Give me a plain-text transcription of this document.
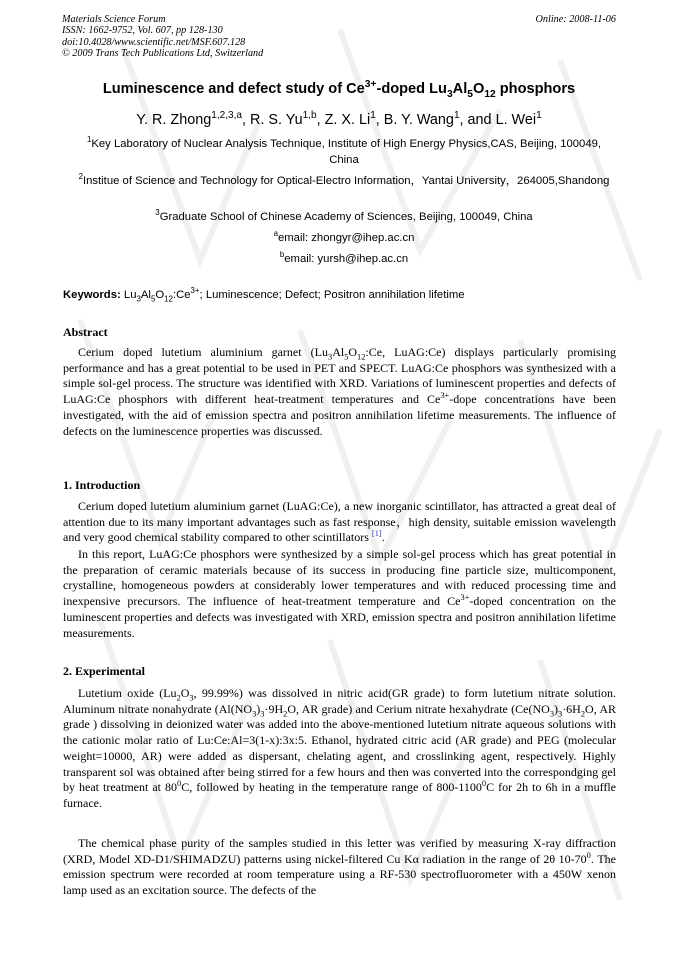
Materials Science Forum
ISSN: 1662-9752, Vol. 607, pp 128-130
doi:10.4028/www.scientific.net/MSF.607.128
© 2009 Trans Tech Publications Ltd, Switzerland
Online: 2008-11-06
Luminescence and defect study of $Ce^{3+}$-doped $Lu_3Al_5O_{12}$ phosphors
Y. R. Zhong$^{1,2,3,a}$, R. S. Yu$^{1,b}$, Z. X. Li$^1$, B. Y. Wang$^1$, and L. Wei$^1$
$^1$Key Laboratory of Nuclear Analysis Technique, Institute of High Energy Physics,CAS, Beijing, 100049, China
$^2$Institue of Science and Technology for Optical-Electro Information，Yantai University，264005,Shandong
$^3$Graduate School of Chinese Academy of Sciences, Beijing, 100049, China
$^a$email: zhongyr@ihep.ac.cn
$^b$email: yursh@ihep.ac.cn
Keywords: $Lu_3Al_5O_{12}:Ce^{3+}$; Luminescence; Defect; Positron annihilation lifetime
Abstract
Cerium doped lutetium aluminium garnet ($Lu_3Al_5O_{12}:Ce$, LuAG:Ce) displays particularly promising performance and has a great potential to be used in PET and SPECT. LuAG:Ce phosphors was synthesized with a simple sol-gel process. The structure was identified with XRD. Variations of luminescent properties and defects of LuAG:Ce phosphors with different heat-treatment temperatures and $Ce^{3+}$-dope concentrations have been investigated, with the aid of emission spectra and positron annihilation lifetime measurements. The influence of defects on the luminescence properties was discussed.
1. Introduction
Cerium doped lutetium aluminium garnet (LuAG:Ce), a new inorganic scintillator, has attracted a great deal of attention due to its many important advantages such as fast response，high density, suitable emission wavelength and very good chemical stability compared to other scintillators [1].
In this report, LuAG:Ce phosphors were synthesized by a simple sol-gel process which has great potential in the preparation of ceramic materials because of its success in producing fine particle size, multicomponent, crystalline, homogeneous powders at considerably lower temperatures and with reduced processing time and inexpensive precursors. The influence of heat-treatment temperature and $Ce^{3+}$-doped concentration on the luminescent properties and defects was investigated with XRD, emission spectra and positron annihilation lifetime measurements.
2. Experimental
Lutetium oxide ($Lu_2O_3$, 99.99%) was dissolved in nitric acid(GR grade) to form lutetium nitrate solution. Aluminum nitrate nonahydrate ($Al(NO_3)_3\cdot 9H_2O$, AR grade) and Cerium nitrate hexahydrate ($Ce(NO_3)_3\cdot 6H_2O$, AR grade ) dissolving in deionized water was added into the above-mentioned lutetium nitrate aqueous solutions with the cationic molar ratio of Lu:Ce:Al=3(1-x):3x:5. Ethanol, hydrated citric acid (AR grade) and PEG (molecular weight=10000, AR) were added as dispersant, chelating agent, and crosslinking agent, respectively. Highly transparent sol was obtained after being stirred for a few hours and then was converted into the correspondging gel by heat treatment at $80^0C$, followed by heating in the temperature range of 800-1100$^0$C for 2h to 6h in a muffle furnace.
The chemical phase purity of the samples studied in this letter was verified by measuring X-ray diffraction (XRD, Model XD-D1/SHIMADZU) patterns using nickel-filtered Cu Kα radiation in the range of 2θ $10-70^0$. The emission spectrum were recorded at room temperature using a RF-530 spectrofluorometer with a 450W xenon lamp used as an excitation source. The defects of the
